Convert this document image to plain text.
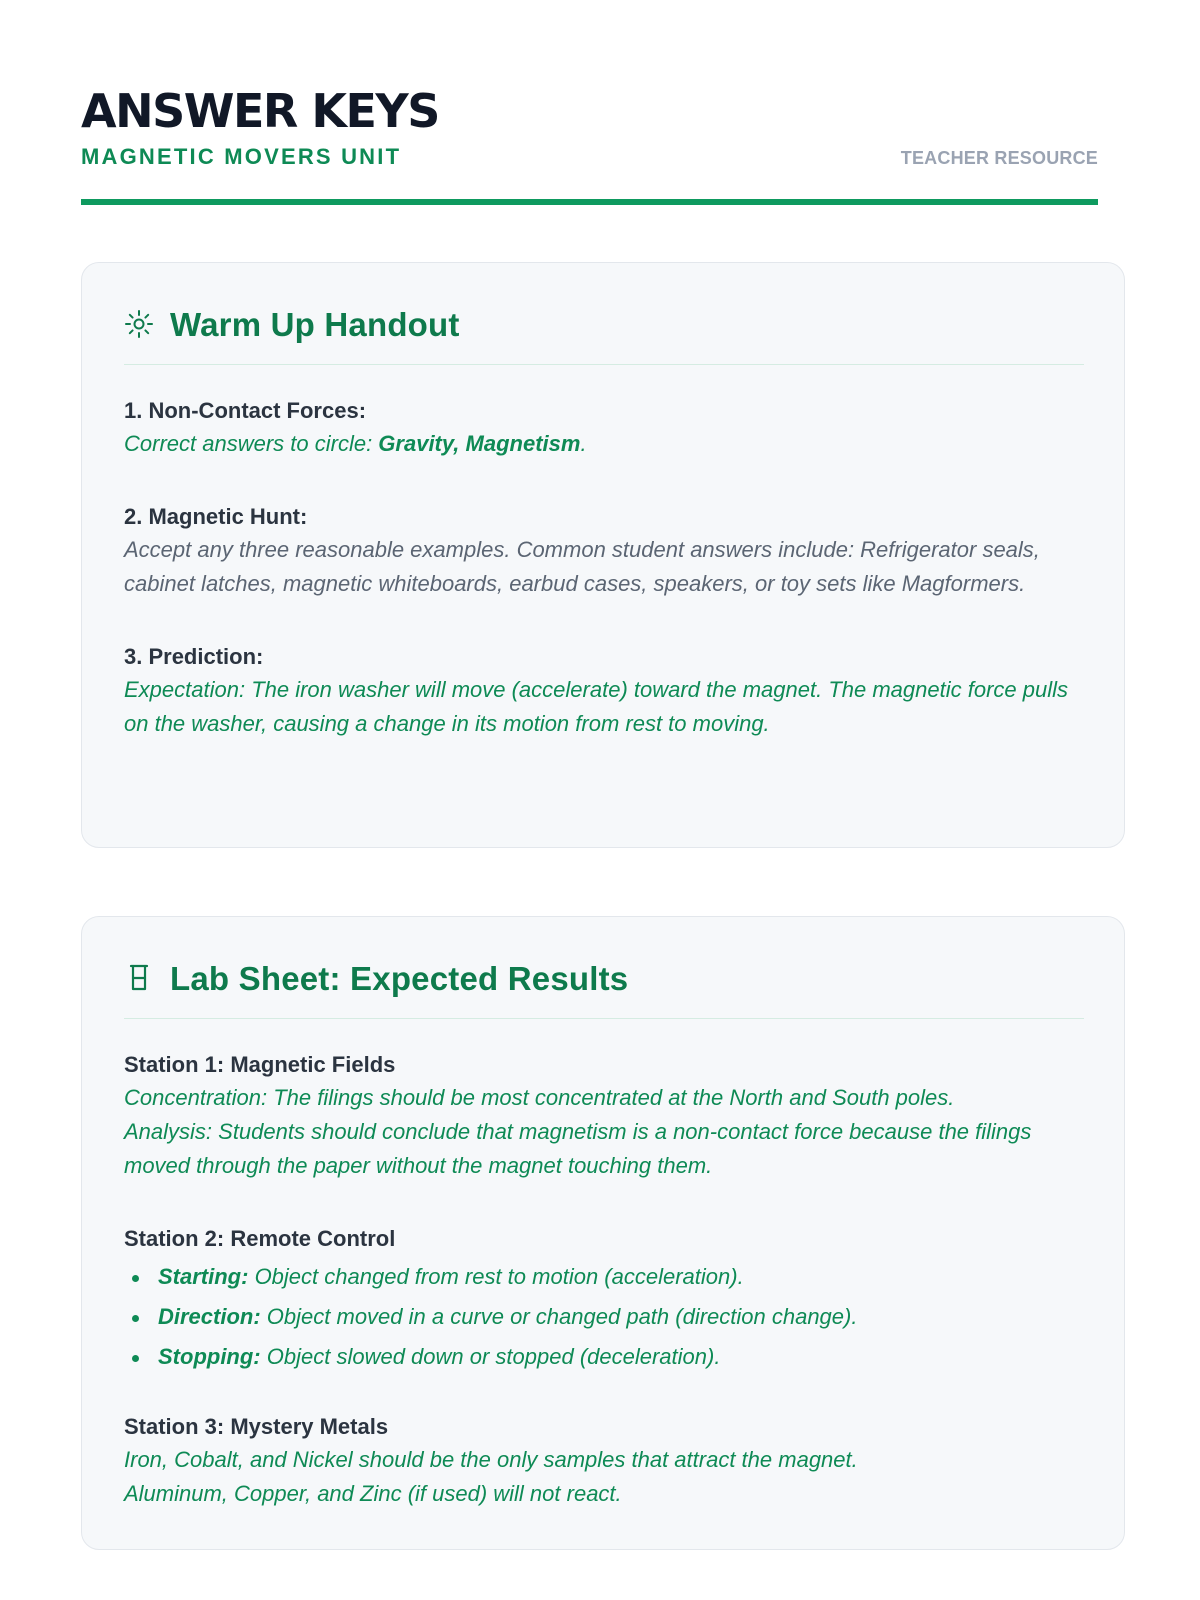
ANSWER KEYS
MAGNETIC MOVERS UNIT	TEACHER RESOURCE
Warm Up Handout
1. Non-Contact Forces:
Correct answers to circle: Gravity, Magnetism.
2. Magnetic Hunt:
Accept any three reasonable examples. Common student answers include: Refrigerator seals, cabinet latches, magnetic whiteboards, earbud cases, speakers, or toy sets like Magformers.
3. Prediction:
Expectation: The iron washer will move (accelerate) toward the magnet. The magnetic force pulls on the washer, causing a change in its motion from rest to moving.
Lab Sheet: Expected Results
Station 1: Magnetic Fields
Concentration: The filings should be most concentrated at the North and South poles.
Analysis: Students should conclude that magnetism is a non-contact force because the filings moved through the paper without the magnet touching them.
Station 2: Remote Control
Starting: Object changed from rest to motion (acceleration).
Direction: Object moved in a curve or changed path (direction change).
Stopping: Object slowed down or stopped (deceleration).
Station 3: Mystery Metals
Iron, Cobalt, and Nickel should be the only samples that attract the magnet.
Aluminum, Copper, and Zinc (if used) will not react.
